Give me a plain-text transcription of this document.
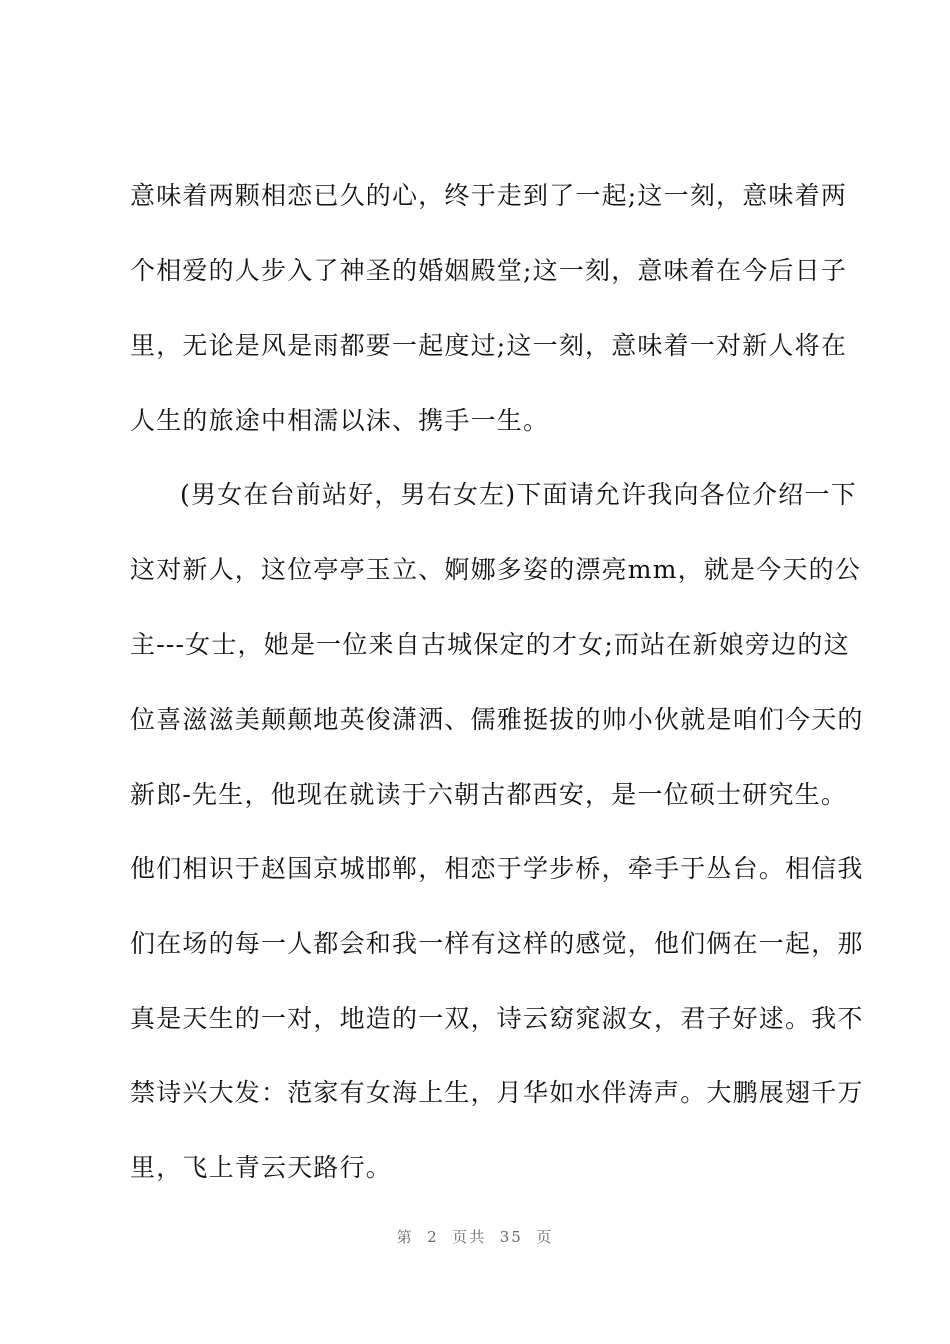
意味着两颗相恋已久的心，终于走到了一起;这一刻，意味着两
个相爱的人步入了神圣的婚姻殿堂;这一刻，意味着在今后日子
里，无论是风是雨都要一起度过;这一刻，意味着一对新人将在
人生的旅途中相濡以沫、携手一生。
(男女在台前站好，男右女左)下面请允许我向各位介绍一下
这对新人，这位亭亭玉立、婀娜多姿的漂亮mm，就是今天的公
主---女士，她是一位来自古城保定的才女;而站在新娘旁边的这
位喜滋滋美颠颠地英俊潇洒、儒雅挺拔的帅小伙就是咱们今天的
新郎-先生，他现在就读于六朝古都西安，是一位硕士研究生。
他们相识于赵国京城邯郸，相恋于学步桥，牵手于丛台。相信我
们在场的每一人都会和我一样有这样的感觉，他们俩在一起，那
真是天生的一对，地造的一双，诗云窈窕淑女，君子好逑。我不
禁诗兴大发：范家有女海上生，月华如水伴涛声。大鹏展翅千万
里，飞上青云天路行。
第  2  页共  35  页
